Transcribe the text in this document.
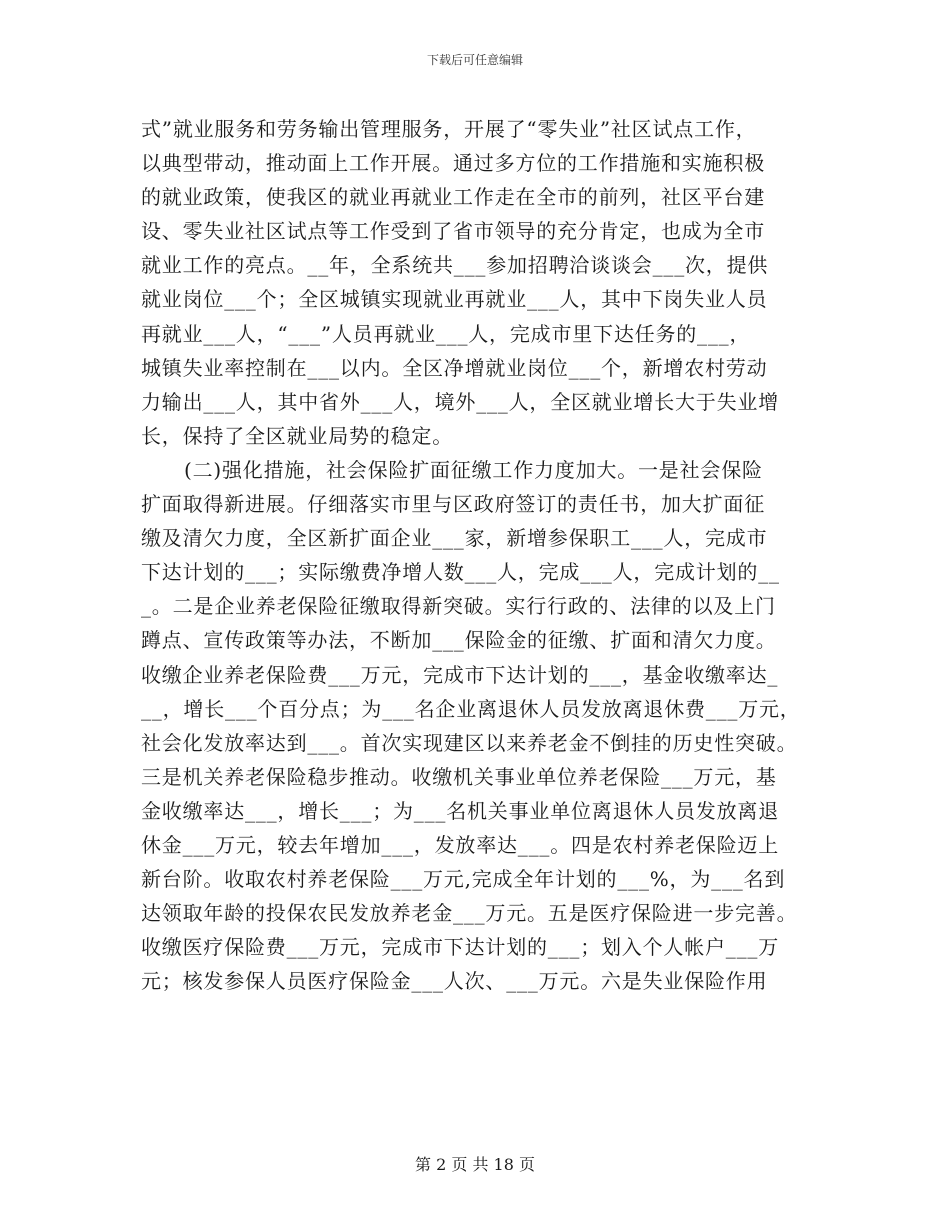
下载后可任意编辑
式”就业服务和劳务输出管理服务，开展了“零失业”社区试点工作，
以典型带动，推动面上工作开展。通过多方位的工作措施和实施积极
的就业政策，使我区的就业再就业工作走在全市的前列，社区平台建
设、零失业社区试点等工作受到了省市领导的充分肯定，也成为全市
就业工作的亮点。__年，全系统共___参加招聘洽谈谈会___次，提供
就业岗位___个；全区城镇实现就业再就业___人，其中下岗失业人员
再就业___人，“___”人员再就业___人，完成市里下达任务的___，
城镇失业率控制在___以内。全区净增就业岗位___个，新增农村劳动
力输出___人，其中省外___人，境外___人，全区就业增长大于失业增
长，保持了全区就业局势的稳定。
(二)强化措施，社会保险扩面征缴工作力度加大。一是社会保险
扩面取得新进展。仔细落实市里与区政府签订的责任书，加大扩面征
缴及清欠力度，全区新扩面企业___家，新增参保职工___人，完成市
下达计划的___；实际缴费净增人数___人，完成___人，完成计划的__
_。二是企业养老保险征缴取得新突破。实行行政的、法律的以及上门
蹲点、宣传政策等办法，不断加___保险金的征缴、扩面和清欠力度。
收缴企业养老保险费___万元，完成市下达计划的___，基金收缴率达_
__，增长___个百分点；为___名企业离退休人员发放离退休费___万元，
社会化发放率达到___。首次实现建区以来养老金不倒挂的历史性突破。
三是机关养老保险稳步推动。收缴机关事业单位养老保险___万元，基
金收缴率达___，增长___；为___名机关事业单位离退休人员发放离退
休金___万元，较去年增加___，发放率达___。四是农村养老保险迈上
新台阶。收取农村养老保险___万元,完成全年计划的___%，为___名到
达领取年龄的投保农民发放养老金___万元。五是医疗保险进一步完善。
收缴医疗保险费___万元，完成市下达计划的___；划入个人帐户___万
元；核发参保人员医疗保险金___人次、___万元。六是失业保险作用
第 2 页 共 18 页
